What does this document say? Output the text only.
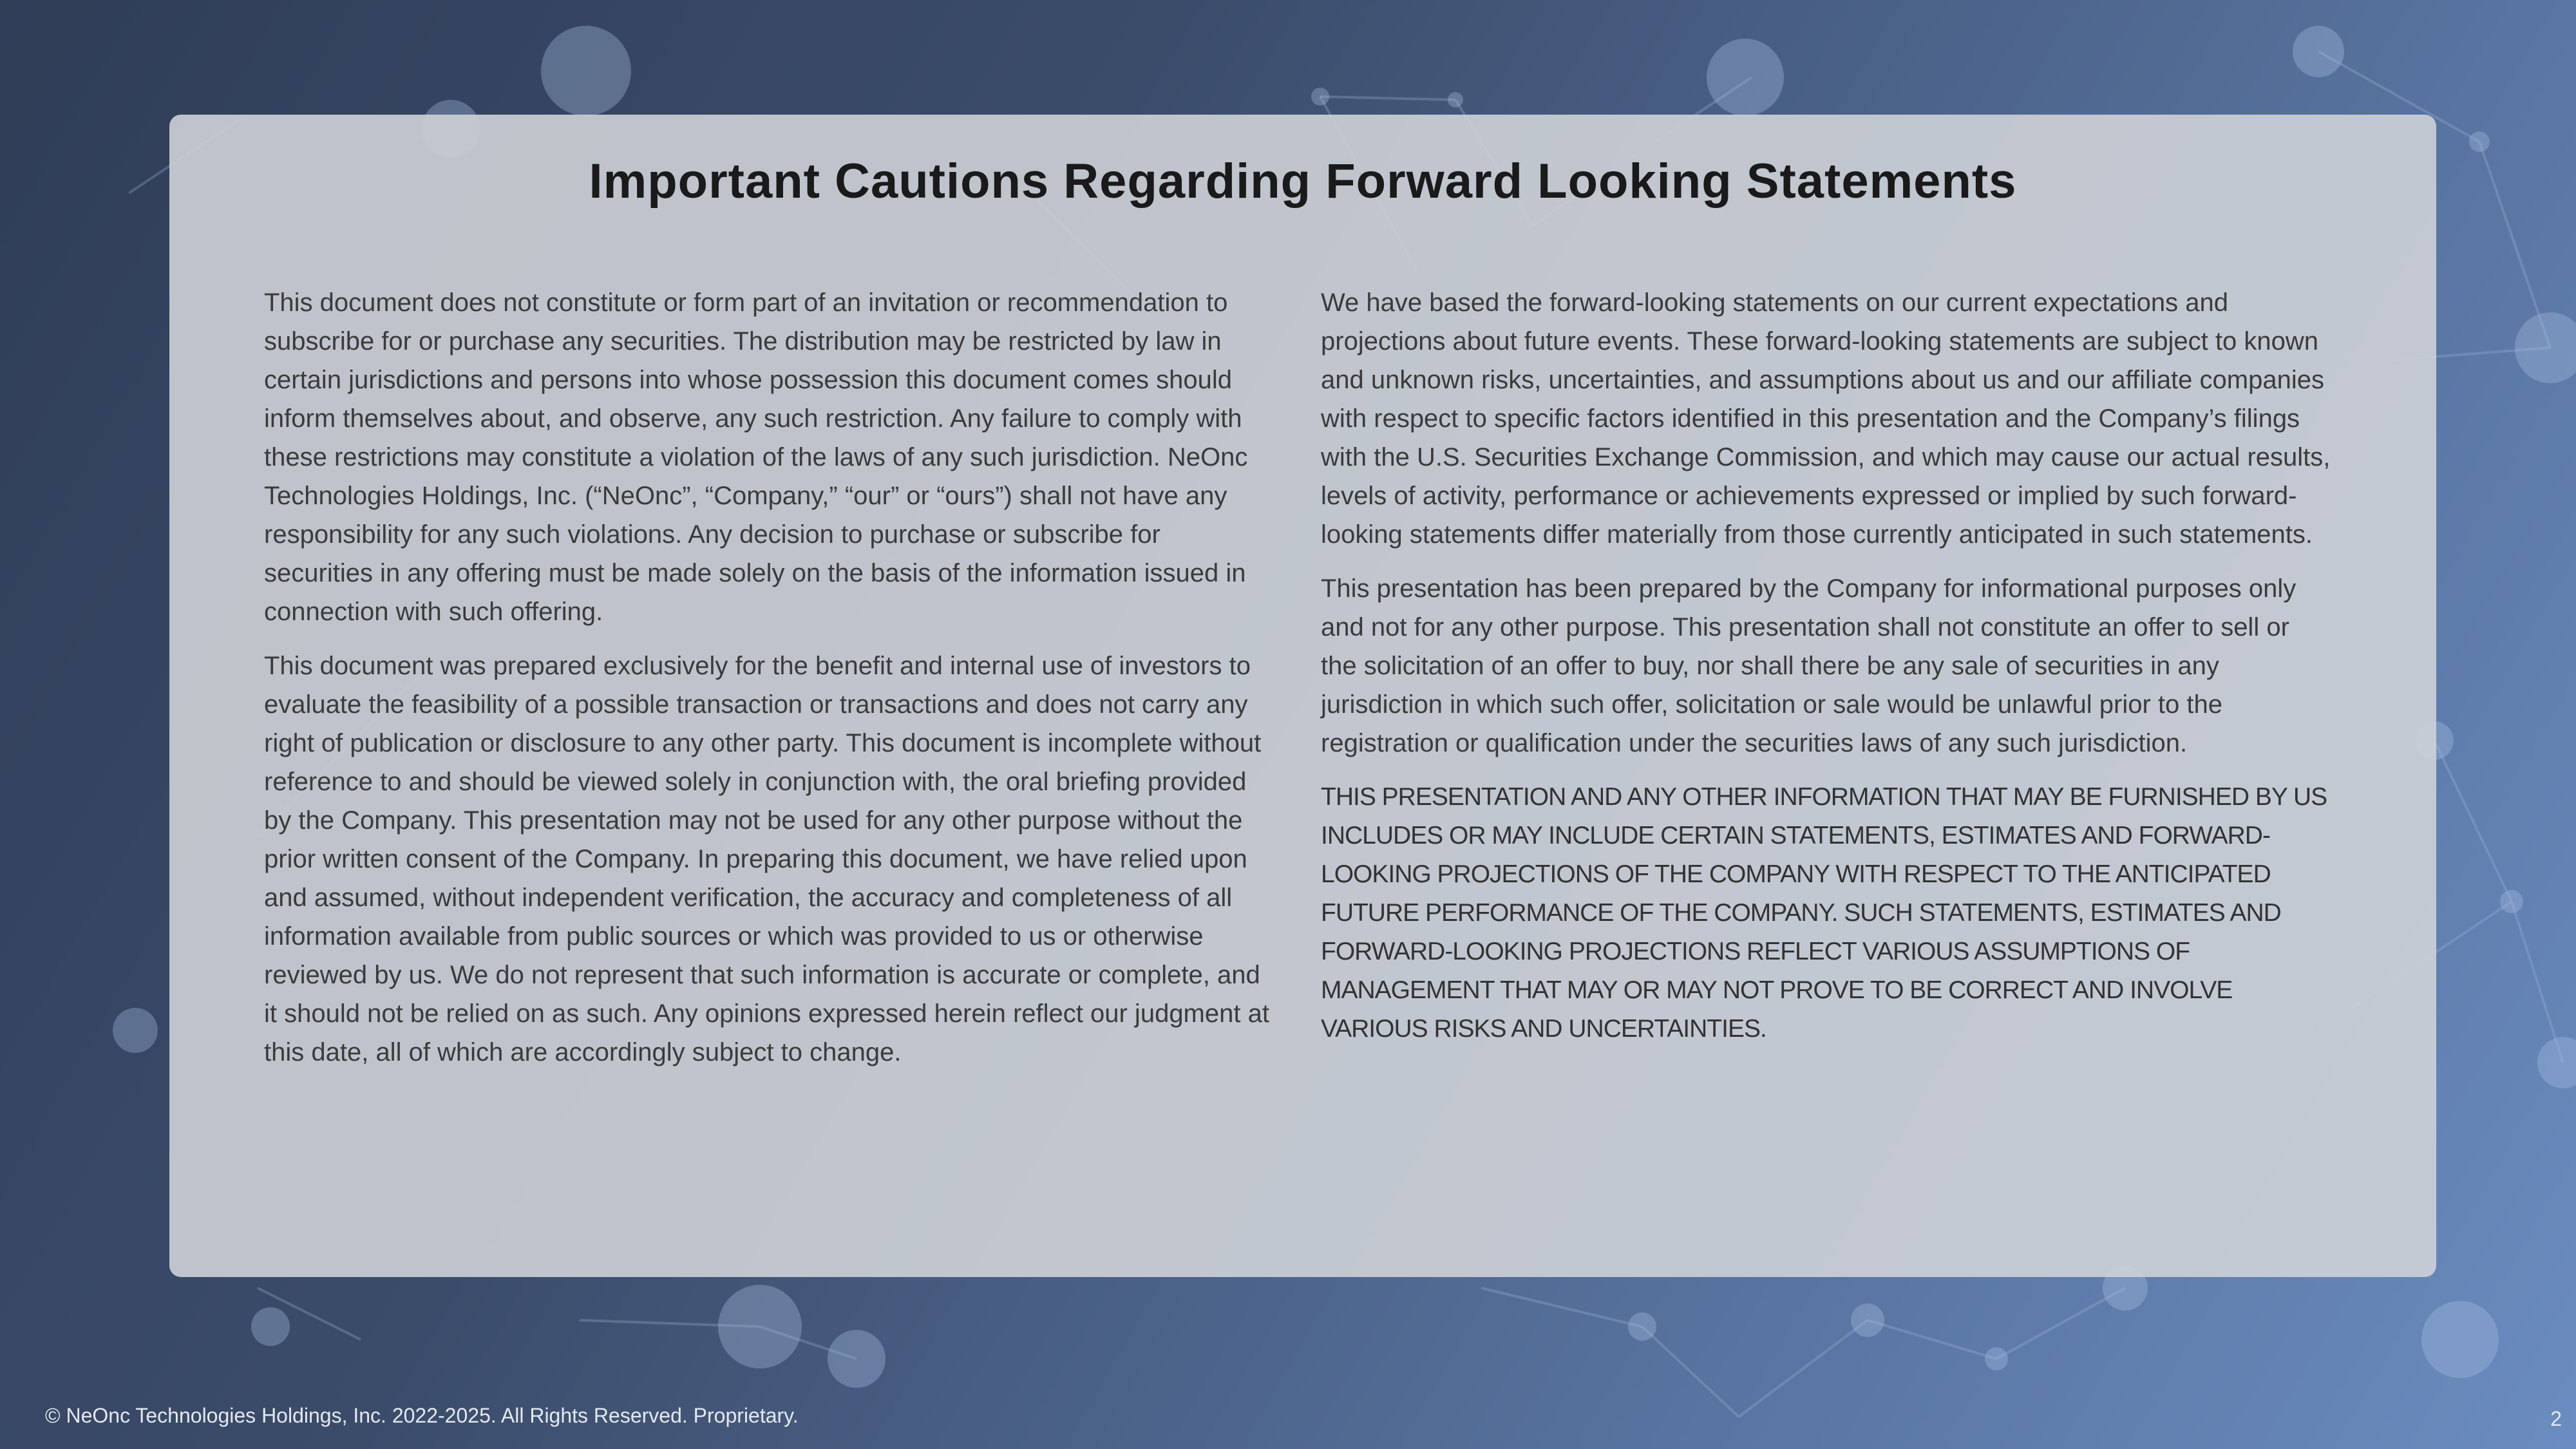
Important Cautions Regarding Forward Looking Statements

This document does not constitute or form part of an invitation or recommendation to subscribe for or purchase any securities. The distribution may be restricted by law in certain jurisdictions and persons into whose possession this document comes should inform themselves about, and observe, any such restriction. Any failure to comply with these restrictions may constitute a violation of the laws of any such jurisdiction. NeOnc Technologies Holdings, Inc. (“NeOnc”, “Company,” “our” or “ours”) shall not have any responsibility for any such violations. Any decision to purchase or subscribe for securities in any offering must be made solely on the basis of the information issued in connection with such offering.

This document was prepared exclusively for the benefit and internal use of investors to evaluate the feasibility of a possible transaction or transactions and does not carry any right of publication or disclosure to any other party. This document is incomplete without reference to and should be viewed solely in conjunction with, the oral briefing provided by the Company. This presentation may not be used for any other purpose without the prior written consent of the Company. In preparing this document, we have relied upon and assumed, without independent verification, the accuracy and completeness of all information available from public sources or which was provided to us or otherwise reviewed by us. We do not represent that such information is accurate or complete, and it should not be relied on as such. Any opinions expressed herein reflect our judgment at this date, all of which are accordingly subject to change.

We have based the forward-looking statements on our current expectations and projections about future events. These forward-looking statements are subject to known and unknown risks, uncertainties, and assumptions about us and our affiliate companies with respect to specific factors identified in this presentation and the Company’s filings with the U.S. Securities Exchange Commission, and which may cause our actual results, levels of activity, performance or achievements expressed or implied by such forward-looking statements differ materially from those currently anticipated in such statements.

This presentation has been prepared by the Company for informational purposes only and not for any other purpose. This presentation shall not constitute an offer to sell or the solicitation of an offer to buy, nor shall there be any sale of securities in any jurisdiction in which such offer, solicitation or sale would be unlawful prior to the registration or qualification under the securities laws of any such jurisdiction.

THIS PRESENTATION AND ANY OTHER INFORMATION THAT MAY BE FURNISHED BY US INCLUDES OR MAY INCLUDE CERTAIN STATEMENTS, ESTIMATES AND FORWARD-LOOKING PROJECTIONS OF THE COMPANY WITH RESPECT TO THE ANTICIPATED FUTURE PERFORMANCE OF THE COMPANY. SUCH STATEMENTS, ESTIMATES AND FORWARD-LOOKING PROJECTIONS REFLECT VARIOUS ASSUMPTIONS OF MANAGEMENT THAT MAY OR MAY NOT PROVE TO BE CORRECT AND INVOLVE VARIOUS RISKS AND UNCERTAINTIES.

© NeOnc Technologies Holdings, Inc. 2022-2025. All Rights Reserved. Proprietary.	2
